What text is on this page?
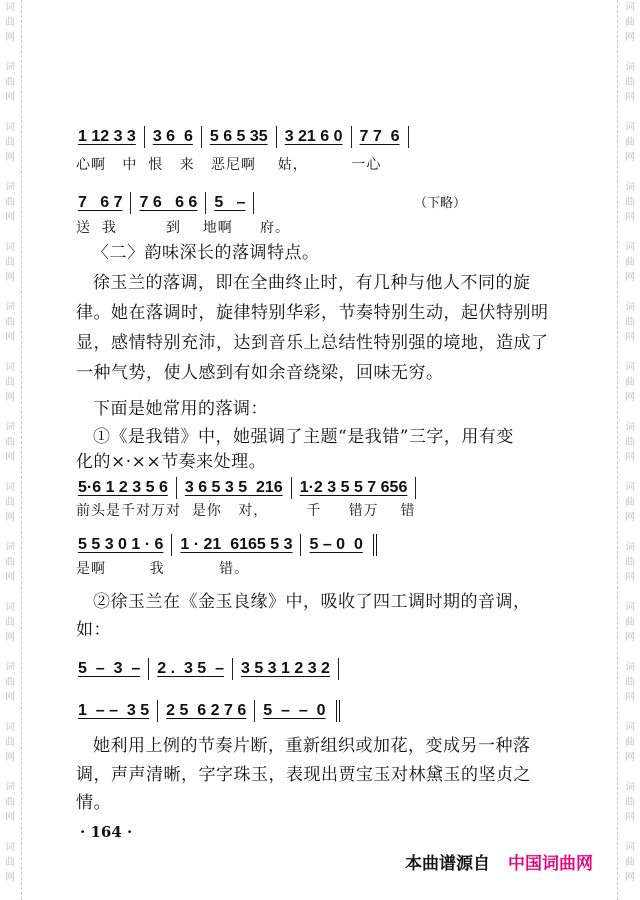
词
曲
网
词
曲
网
词
曲
网
词
曲
网
词
曲
网
词
曲
网
词
曲
网
词
曲
网
词
曲
网
词
曲
网
词
曲
网
词
曲
网
词
曲
网
词
曲
网
词
曲
网
词
曲
网
词
曲
网
词
曲
网
词
曲
网
词
曲
网
词
曲
网
词
曲
网
词
曲
网
词
曲
网
词
曲
网
词
曲
网
词
曲
网
词
曲
网
词
曲
网
词
曲
网
1 12 3 3	3 6  6	5 6 5 35	3 21 6 0	7 7  6
心啊   中  恨   来   恶尼啊    姑，        一心
7   6 7	7 6   6 6	5   –	（下略）
送  我         到    地啊     府。
〈二〉韵味深长的落调特点。
徐玉兰的落调，即在全曲终止时，有几种与他人不同的旋
律。她在落调时，旋律特别华彩，节奏特别生动，起伏特别明
显，感情特别充沛，达到音乐上总结性特别强的境地，造成了
一种气势，使人感到有如余音绕梁，回味无穷。
下面是她常用的落调：
①《是我错》中，她强调了主题“是我错”三字，用有变
化的×·××节奏来处理。
5·6 1 2 3 5 6	3 6 5 3 5  216	1·2 3 5 5 7 656
前头是千对万对  是你   对，       千     错万    错
5 5 3 0 1 · 6	1 · 21  6165 5 3	5 – 0  0
是啊        我          错。
②徐玉兰在《金玉良缘》中，吸收了四工调时期的音调，
如：
5  –  3  –	2 .  3 5  –	3 5 3 1 2 3 2
1  – –  3 5	2 5  6 2 7 6	5  –  –  0
她利用上例的节奏片断，重新组织或加花，变成另一种落
调，声声清晰，字字珠玉，表现出贾宝玉对林黛玉的坚贞之
情。
· 164 ·
本曲谱源自 中国词曲网
